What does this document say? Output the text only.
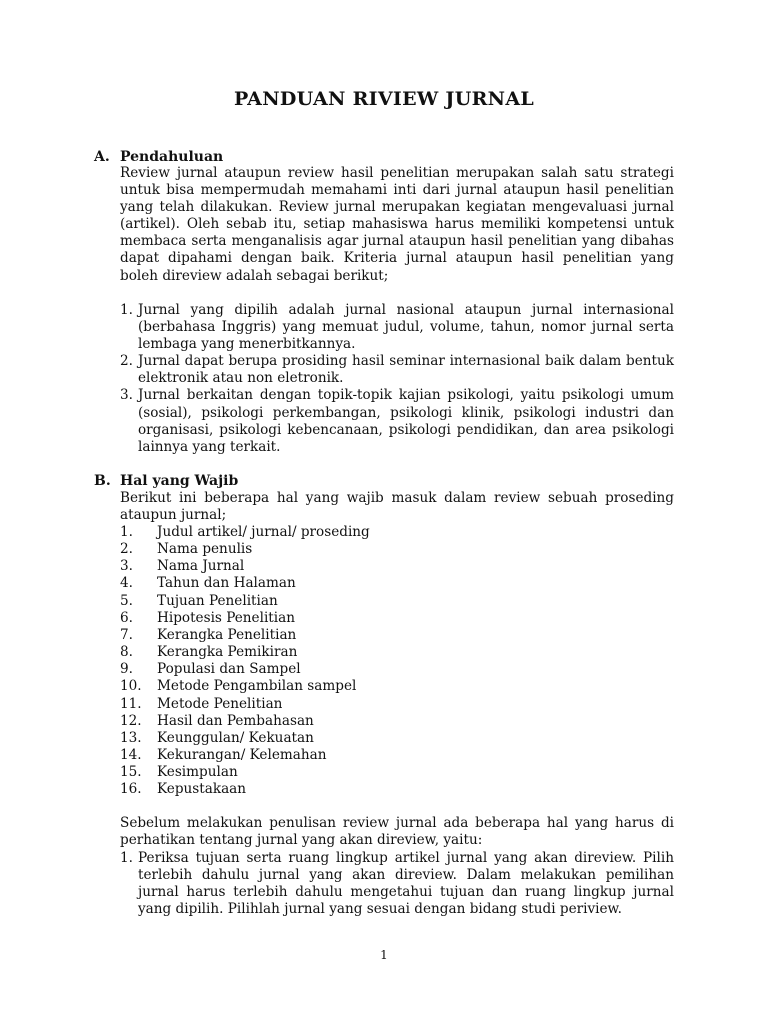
PANDUAN RIVIEW JURNAL
A. Pendahuluan
Review jurnal ataupun review hasil penelitian merupakan salah satu strategi untuk bisa mempermudah memahami inti dari jurnal ataupun hasil penelitian yang telah dilakukan. Review jurnal merupakan kegiatan mengevaluasi jurnal (artikel). Oleh sebab itu, setiap mahasiswa harus memiliki kompetensi untuk membaca serta menganalisis agar jurnal ataupun hasil penelitian yang dibahas dapat dipahami dengan baik. Kriteria jurnal ataupun hasil penelitian yang boleh direview adalah sebagai berikut;
1. Jurnal yang dipilih adalah jurnal nasional ataupun jurnal internasional (berbahasa Inggris) yang memuat judul, volume, tahun, nomor jurnal serta lembaga yang menerbitkannya.
2. Jurnal dapat berupa prosiding hasil seminar internasional baik dalam bentuk elektronik atau non eletronik.
3. Jurnal berkaitan dengan topik-topik kajian psikologi, yaitu psikologi umum (sosial), psikologi perkembangan, psikologi klinik, psikologi industri dan organisasi, psikologi kebencanaan, psikologi pendidikan, dan area psikologi lainnya yang terkait.
B. Hal yang Wajib
Berikut ini beberapa hal yang wajib masuk dalam review sebuah proseding ataupun jurnal;
1. Judul artikel/ jurnal/ proseding
2. Nama penulis
3. Nama Jurnal
4. Tahun dan Halaman
5. Tujuan Penelitian
6. Hipotesis Penelitian
7. Kerangka Penelitian
8. Kerangka Pemikiran
9. Populasi dan Sampel
10. Metode Pengambilan sampel
11. Metode Penelitian
12. Hasil dan Pembahasan
13. Keunggulan/ Kekuatan
14. Kekurangan/ Kelemahan
15. Kesimpulan
16. Kepustakaan
Sebelum melakukan penulisan review jurnal ada beberapa hal yang harus di perhatikan tentang jurnal yang akan direview, yaitu:
1. Periksa tujuan serta ruang lingkup artikel jurnal yang akan direview. Pilih terlebih dahulu jurnal yang akan direview. Dalam melakukan pemilihan jurnal harus terlebih dahulu mengetahui tujuan dan ruang lingkup jurnal yang dipilih. Pilihlah jurnal yang sesuai dengan bidang studi periview.
1
